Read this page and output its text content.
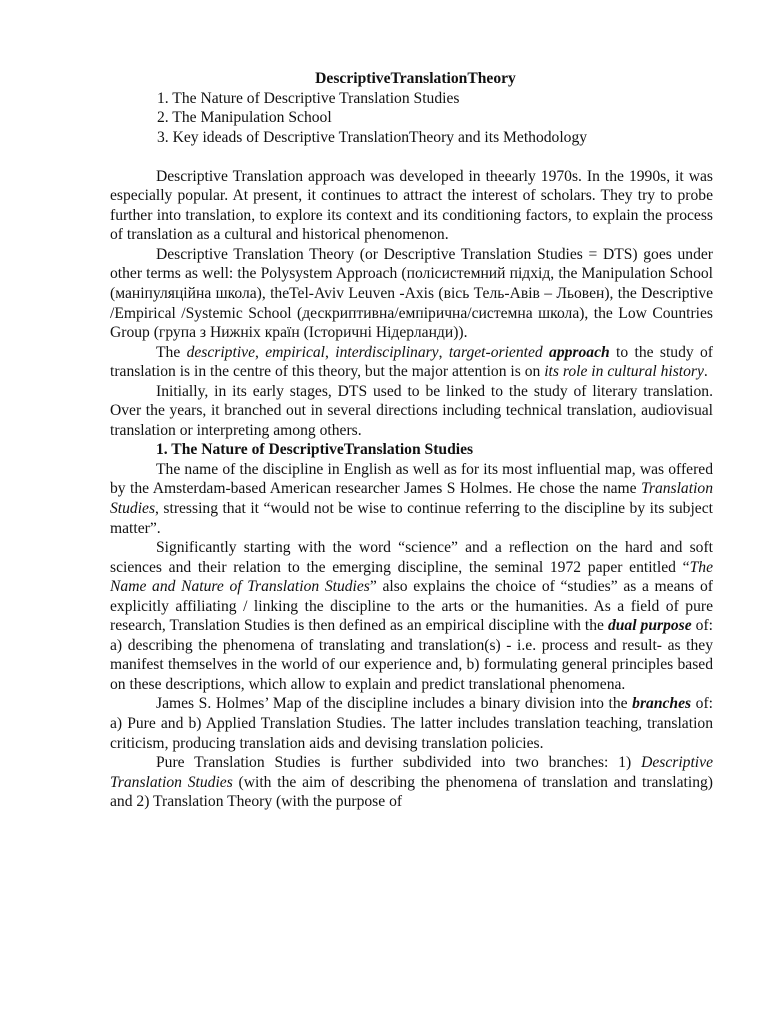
DescriptiveTranslationTheory

1. The Nature of Descriptive Translation Studies
2. The Manipulation School
3. Key ideads of Descriptive TranslationTheory and its Methodology

Descriptive Translation approach was developed in theearly 1970s. In the 1990s, it was especially popular. At present, it continues to attract the interest of scholars. They try to probe further into translation, to explore its context and its conditioning factors, to explain the process of translation as a cultural and historical phenomenon.

Descriptive Translation Theory (or Descriptive Translation Studies = DTS) goes under other terms as well: the Polysystem Approach (полісистемний підхід, the Manipulation School (маніпуляційна школа), theTel-Aviv Leuven -Axis (вісь Тель-Авів – Льовен), the Descriptive /Empirical /Systemic School (дескриптивна/емпірична/системна школа), the Low Countries Group (група з Нижніх країн (Історичні Нідерланди)).

The descriptive, empirical, interdisciplinary, target-oriented approach to the study of translation is in the centre of this theory, but the major attention is on its role in cultural history.

Initially, in its early stages, DTS used to be linked to the study of literary translation. Over the years, it branched out in several directions including technical translation, audiovisual translation or interpreting among others.

1. The Nature of DescriptiveTranslation Studies

The name of the discipline in English as well as for its most influential map, was offered by the Amsterdam-based American researcher James S Holmes. He chose the name Translation Studies, stressing that it “would not be wise to continue referring to the discipline by its subject matter”.

Significantly starting with the word “science” and a reflection on the hard and soft sciences and their relation to the emerging discipline, the seminal 1972 paper entitled “The Name and Nature of Translation Studies” also explains the choice of “studies” as a means of explicitly affiliating / linking the discipline to the arts or the humanities. As a field of pure research, Translation Studies is then defined as an empirical discipline with the dual purpose of: a) describing the phenomena of translating and translation(s) - i.e. process and result- as they manifest themselves in the world of our experience and, b) formulating general principles based on these descriptions, which allow to explain and predict translational phenomena.

James S. Holmes’ Map of the discipline includes a binary division into the branches of: a) Pure and b) Applied Translation Studies. The latter includes translation teaching, translation criticism, producing translation aids and devising translation policies.

Pure Translation Studies is further subdivided into two branches: 1) Descriptive Translation Studies (with the aim of describing the phenomena of translation and translating) and 2) Translation Theory (with the purpose of
